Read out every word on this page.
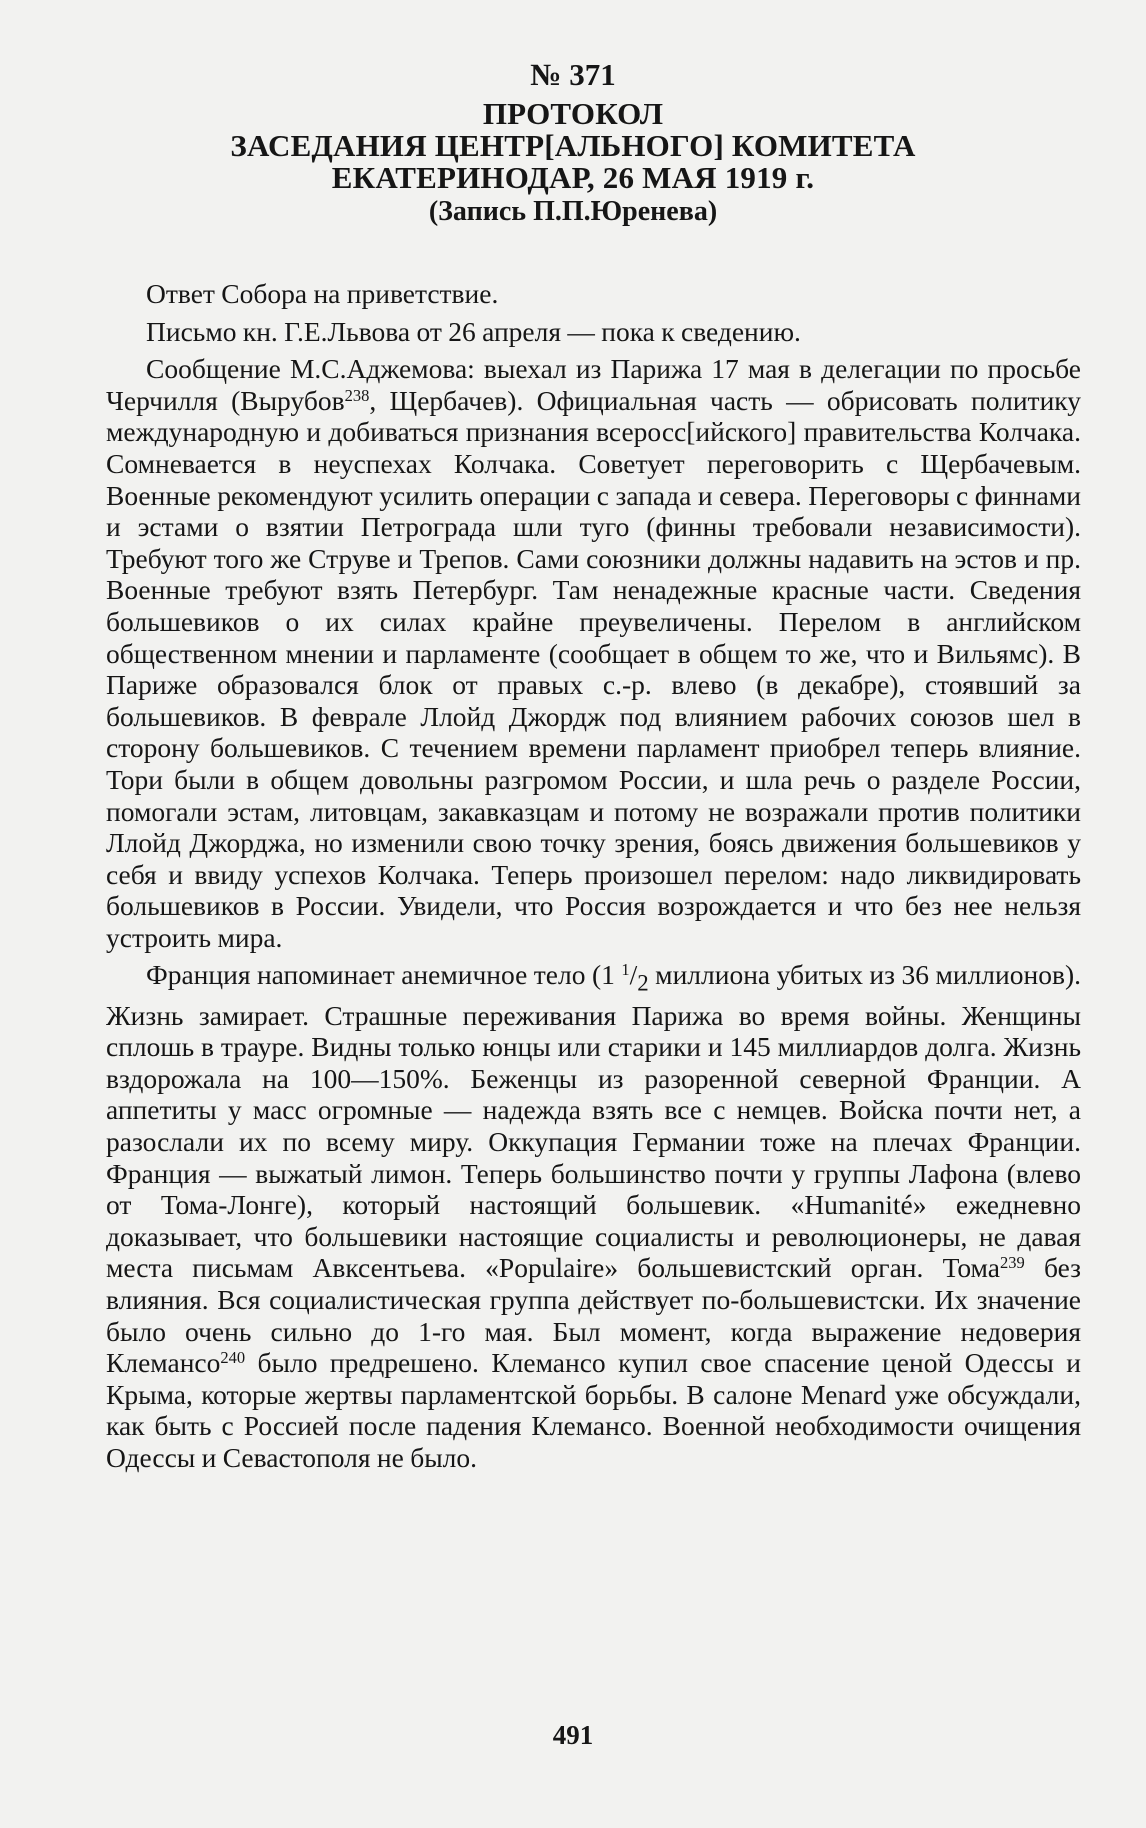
№ 371
ПРОТОКОЛ
ЗАСЕДАНИЯ ЦЕНТР[АЛЬНОГО] КОМИТЕТА
ЕКАТЕРИНОДАР, 26 МАЯ 1919 г.
(Запись П.П.Юренева)

Ответ Собора на приветствие.

Письмо кн. Г.Е.Львова от 26 апреля — пока к сведению.

Сообщение М.С.Аджемова: выехал из Парижа 17 мая в делегации по просьбе Черчилля (Вырубов$^{238}$, Щербачев). Официальная часть — обрисовать политику международную и добиваться признания всеросс[ийского] правительства Колчака. Сомневается в неуспехах Колчака. Советует переговорить с Щербачевым. Военные рекомендуют усилить операции с запада и севера. Переговоры с финнами и эстами о взятии Петрограда шли туго (финны требовали независимости). Требуют того же Струве и Трепов. Сами союзники должны надавить на эстов и пр. Военные требуют взять Петербург. Там ненадежные красные части. Сведения большевиков о их силах крайне преувеличены. Перелом в английском общественном мнении и парламенте (сообщает в общем то же, что и Вильямс). В Париже образовался блок от правых с.-р. влево (в декабре), стоявший за большевиков. В феврале Ллойд Джордж под влиянием рабочих союзов шел в сторону большевиков. С течением времени парламент приобрел теперь влияние. Тори были в общем довольны разгромом России, и шла речь о разделе России, помогали эстам, литовцам, закавказцам и потому не возражали против политики Ллойд Джорджа, но изменили свою точку зрения, боясь движения большевиков у себя и ввиду успехов Колчака. Теперь произошел перелом: надо ликвидировать большевиков в России. Увидели, что Россия возрождается и что без нее нельзя устроить мира.

Франция напоминает анемичное тело (1 $^1/_2$ миллиона убитых из 36 миллионов). Жизнь замирает. Страшные переживания Парижа во время войны. Женщины сплошь в трауре. Видны только юнцы или старики и 145 миллиардов долга. Жизнь вздорожала на 100—150%. Беженцы из разоренной северной Франции. А аппетиты у масс огромные — надежда взять все с немцев. Войска почти нет, а разослали их по всему миру. Оккупация Германии тоже на плечах Франции. Франция — выжатый лимон. Теперь большинство почти у группы Лафона (влево от Тома-Лонге), который настоящий большевик. «Humanité» ежедневно доказывает, что большевики настоящие социалисты и революционеры, не давая места письмам Авксентьева. «Populaire» большевистский орган. Тома$^{239}$ без влияния. Вся социалистическая группа действует по-большевистски. Их значение было очень сильно до 1-го мая. Был момент, когда выражение недоверия Клемансо$^{240}$ было предрешено. Клемансо купил свое спасение ценой Одессы и Крыма, которые жертвы парламентской борьбы. В салоне Menard уже обсуждали, как быть с Россией после падения Клемансо. Военной необходимости очищения Одессы и Севастополя не было.

491
